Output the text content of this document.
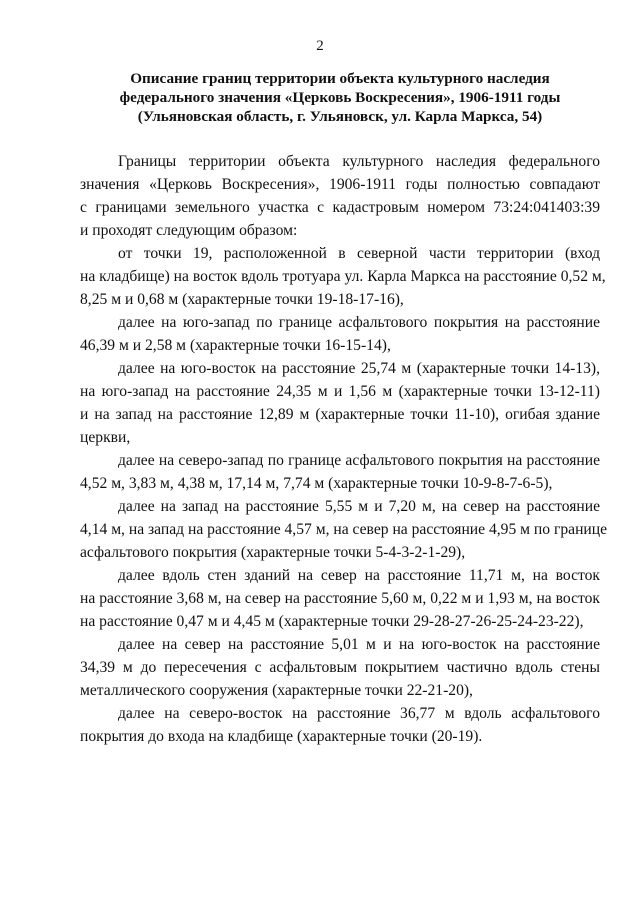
2
Описание границ территории объекта культурного наследия
федерального значения «Церковь Воскресения», 1906-1911 годы
(Ульяновская область, г. Ульяновск, ул. Карла Маркса, 54)
Границы территории объекта культурного наследия федерального
значения «Церковь Воскресения», 1906-1911 годы полностью совпадают
с границами земельного участка с кадастровым номером 73:24:041403:39
и проходят следующим образом:
от точки 19, расположенной в северной части территории (вход
на кладбище) на восток вдоль тротуара ул. Карла Маркса на расстояние 0,52 м,
8,25 м и 0,68 м (характерные точки 19-18-17-16),
далее на юго-запад по границе асфальтового покрытия на расстояние
46,39 м и 2,58 м (характерные точки 16-15-14),
далее на юго-восток на расстояние 25,74 м (характерные точки 14-13),
на юго-запад на расстояние 24,35 м и 1,56 м (характерные точки 13-12-11)
и на запад на расстояние 12,89 м (характерные точки 11-10), огибая здание
церкви,
далее на северо-запад по границе асфальтового покрытия на расстояние
4,52 м, 3,83 м, 4,38 м, 17,14 м, 7,74 м (характерные точки 10-9-8-7-6-5),
далее на запад на расстояние 5,55 м и 7,20 м, на север на расстояние
4,14 м, на запад на расстояние 4,57 м, на север на расстояние 4,95 м по границе
асфальтового покрытия (характерные точки 5-4-3-2-1-29),
далее вдоль стен зданий на север на расстояние 11,71 м, на восток
на расстояние 3,68 м, на север на расстояние 5,60 м, 0,22 м и 1,93 м, на восток
на расстояние 0,47 м и 4,45 м (характерные точки 29-28-27-26-25-24-23-22),
далее на север на расстояние 5,01 м и на юго-восток на расстояние
34,39 м до пересечения с асфальтовым покрытием частично вдоль стены
металлического сооружения (характерные точки 22-21-20),
далее на северо-восток на расстояние 36,77 м вдоль асфальтового
покрытия до входа на кладбище (характерные точки (20-19).
